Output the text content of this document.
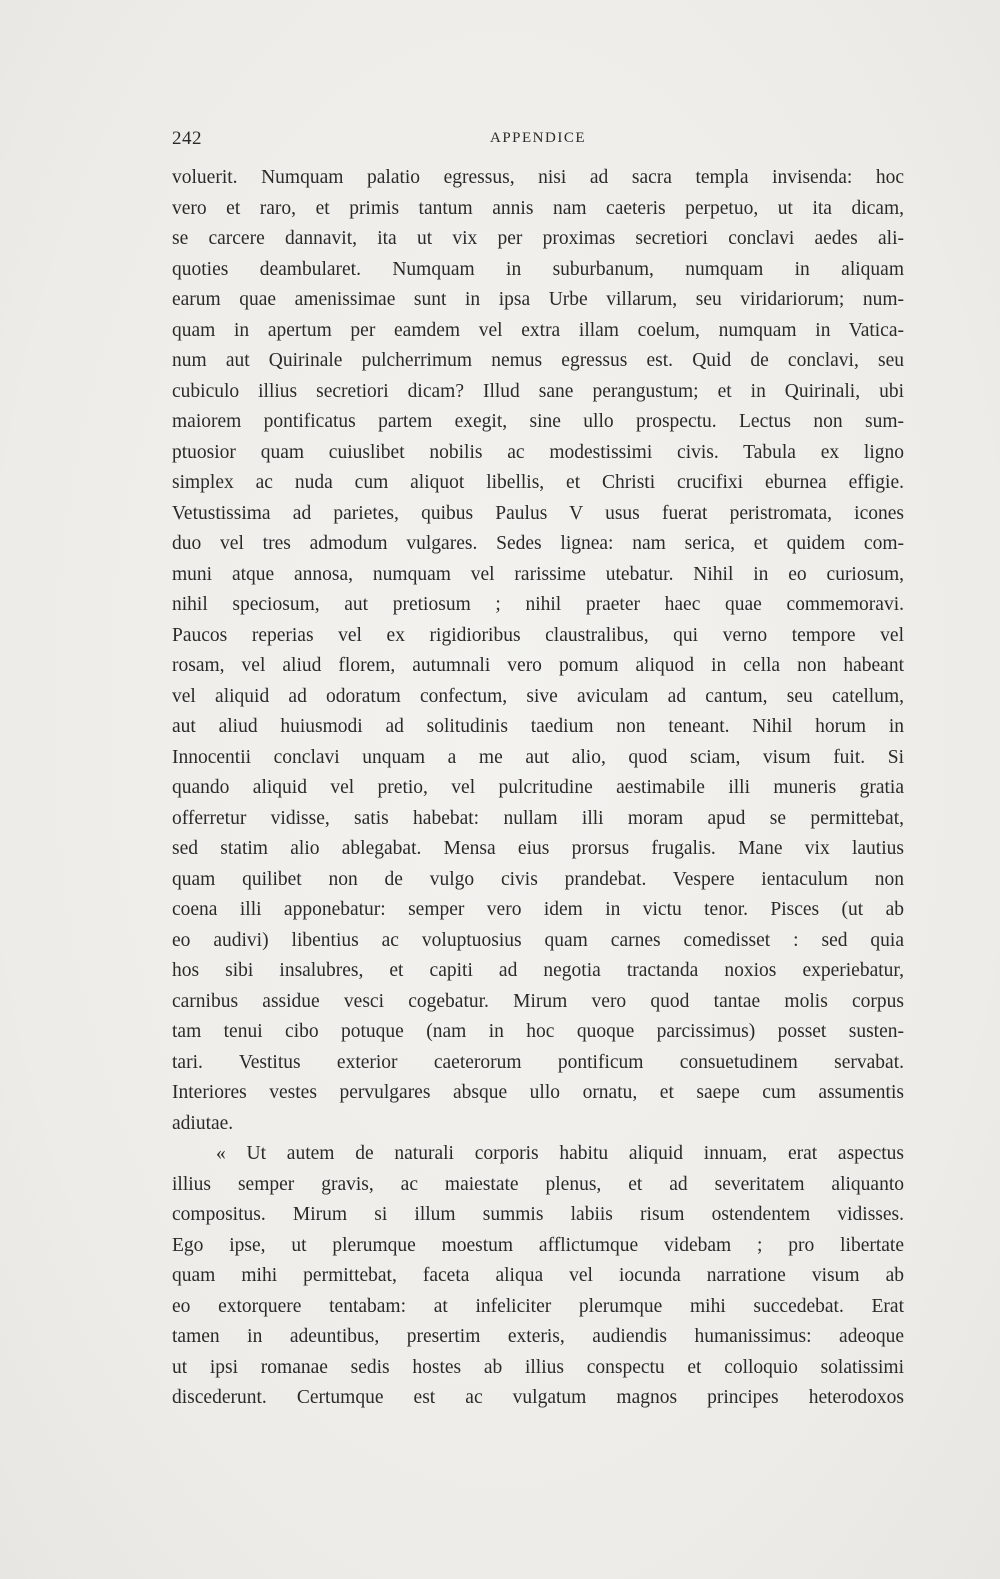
242	APPENDICE
voluerit. Numquam palatio egressus, nisi ad sacra templa invisenda: hoc
vero et raro, et primis tantum annis nam caeteris perpetuo, ut ita dicam,
se carcere dannavit, ita ut vix per proximas secretiori conclavi aedes ali-
quoties deambularet. Numquam in suburbanum, numquam in aliquam
earum quae amenissimae sunt in ipsa Urbe villarum, seu viridariorum; num-
quam in apertum per eamdem vel extra illam coelum, numquam in Vatica-
num aut Quirinale pulcherrimum nemus egressus est. Quid de conclavi, seu
cubiculo illius secretiori dicam? Illud sane perangustum; et in Quirinali, ubi
maiorem pontificatus partem exegit, sine ullo prospectu. Lectus non sum-
ptuosior quam cuiuslibet nobilis ac modestissimi civis. Tabula ex ligno
simplex ac nuda cum aliquot libellis, et Christi crucifixi eburnea effigie.
Vetustissima ad parietes, quibus Paulus V usus fuerat peristromata, icones
duo vel tres admodum vulgares. Sedes lignea: nam serica, et quidem com-
muni atque annosa, numquam vel rarissime utebatur. Nihil in eo curiosum,
nihil speciosum, aut pretiosum ; nihil praeter haec quae commemoravi.
Paucos reperias vel ex rigidioribus claustralibus, qui verno tempore vel
rosam, vel aliud florem, autumnali vero pomum aliquod in cella non habeant
vel aliquid ad odoratum confectum, sive aviculam ad cantum, seu catellum,
aut aliud huiusmodi ad solitudinis taedium non teneant. Nihil horum in
Innocentii conclavi unquam a me aut alio, quod sciam, visum fuit. Si
quando aliquid vel pretio, vel pulcritudine aestimabile illi muneris gratia
offerretur vidisse, satis habebat: nullam illi moram apud se permittebat,
sed statim alio ablegabat. Mensa eius prorsus frugalis. Mane vix lautius
quam quilibet non de vulgo civis prandebat. Vespere ientaculum non
coena illi apponebatur: semper vero idem in victu tenor. Pisces (ut ab
eo audivi) libentius ac voluptuosius quam carnes comedisset : sed quia
hos sibi insalubres, et capiti ad negotia tractanda noxios experiebatur,
carnibus assidue vesci cogebatur. Mirum vero quod tantae molis corpus
tam tenui cibo potuque (nam in hoc quoque parcissimus) posset susten-
tari. Vestitus exterior caeterorum pontificum consuetudinem servabat.
Interiores vestes pervulgares absque ullo ornatu, et saepe cum assumentis
adiutae.
« Ut autem de naturali corporis habitu aliquid innuam, erat aspectus
illius semper gravis, ac maiestate plenus, et ad severitatem aliquanto
compositus. Mirum si illum summis labiis risum ostendentem vidisses.
Ego ipse, ut plerumque moestum afflictumque videbam ; pro libertate
quam mihi permittebat, faceta aliqua vel iocunda narratione visum ab
eo extorquere tentabam: at infeliciter plerumque mihi succedebat. Erat
tamen in adeuntibus, presertim exteris, audiendis humanissimus: adeoque
ut ipsi romanae sedis hostes ab illius conspectu et colloquio solatissimi
discederunt. Certumque est ac vulgatum magnos principes heterodoxos
